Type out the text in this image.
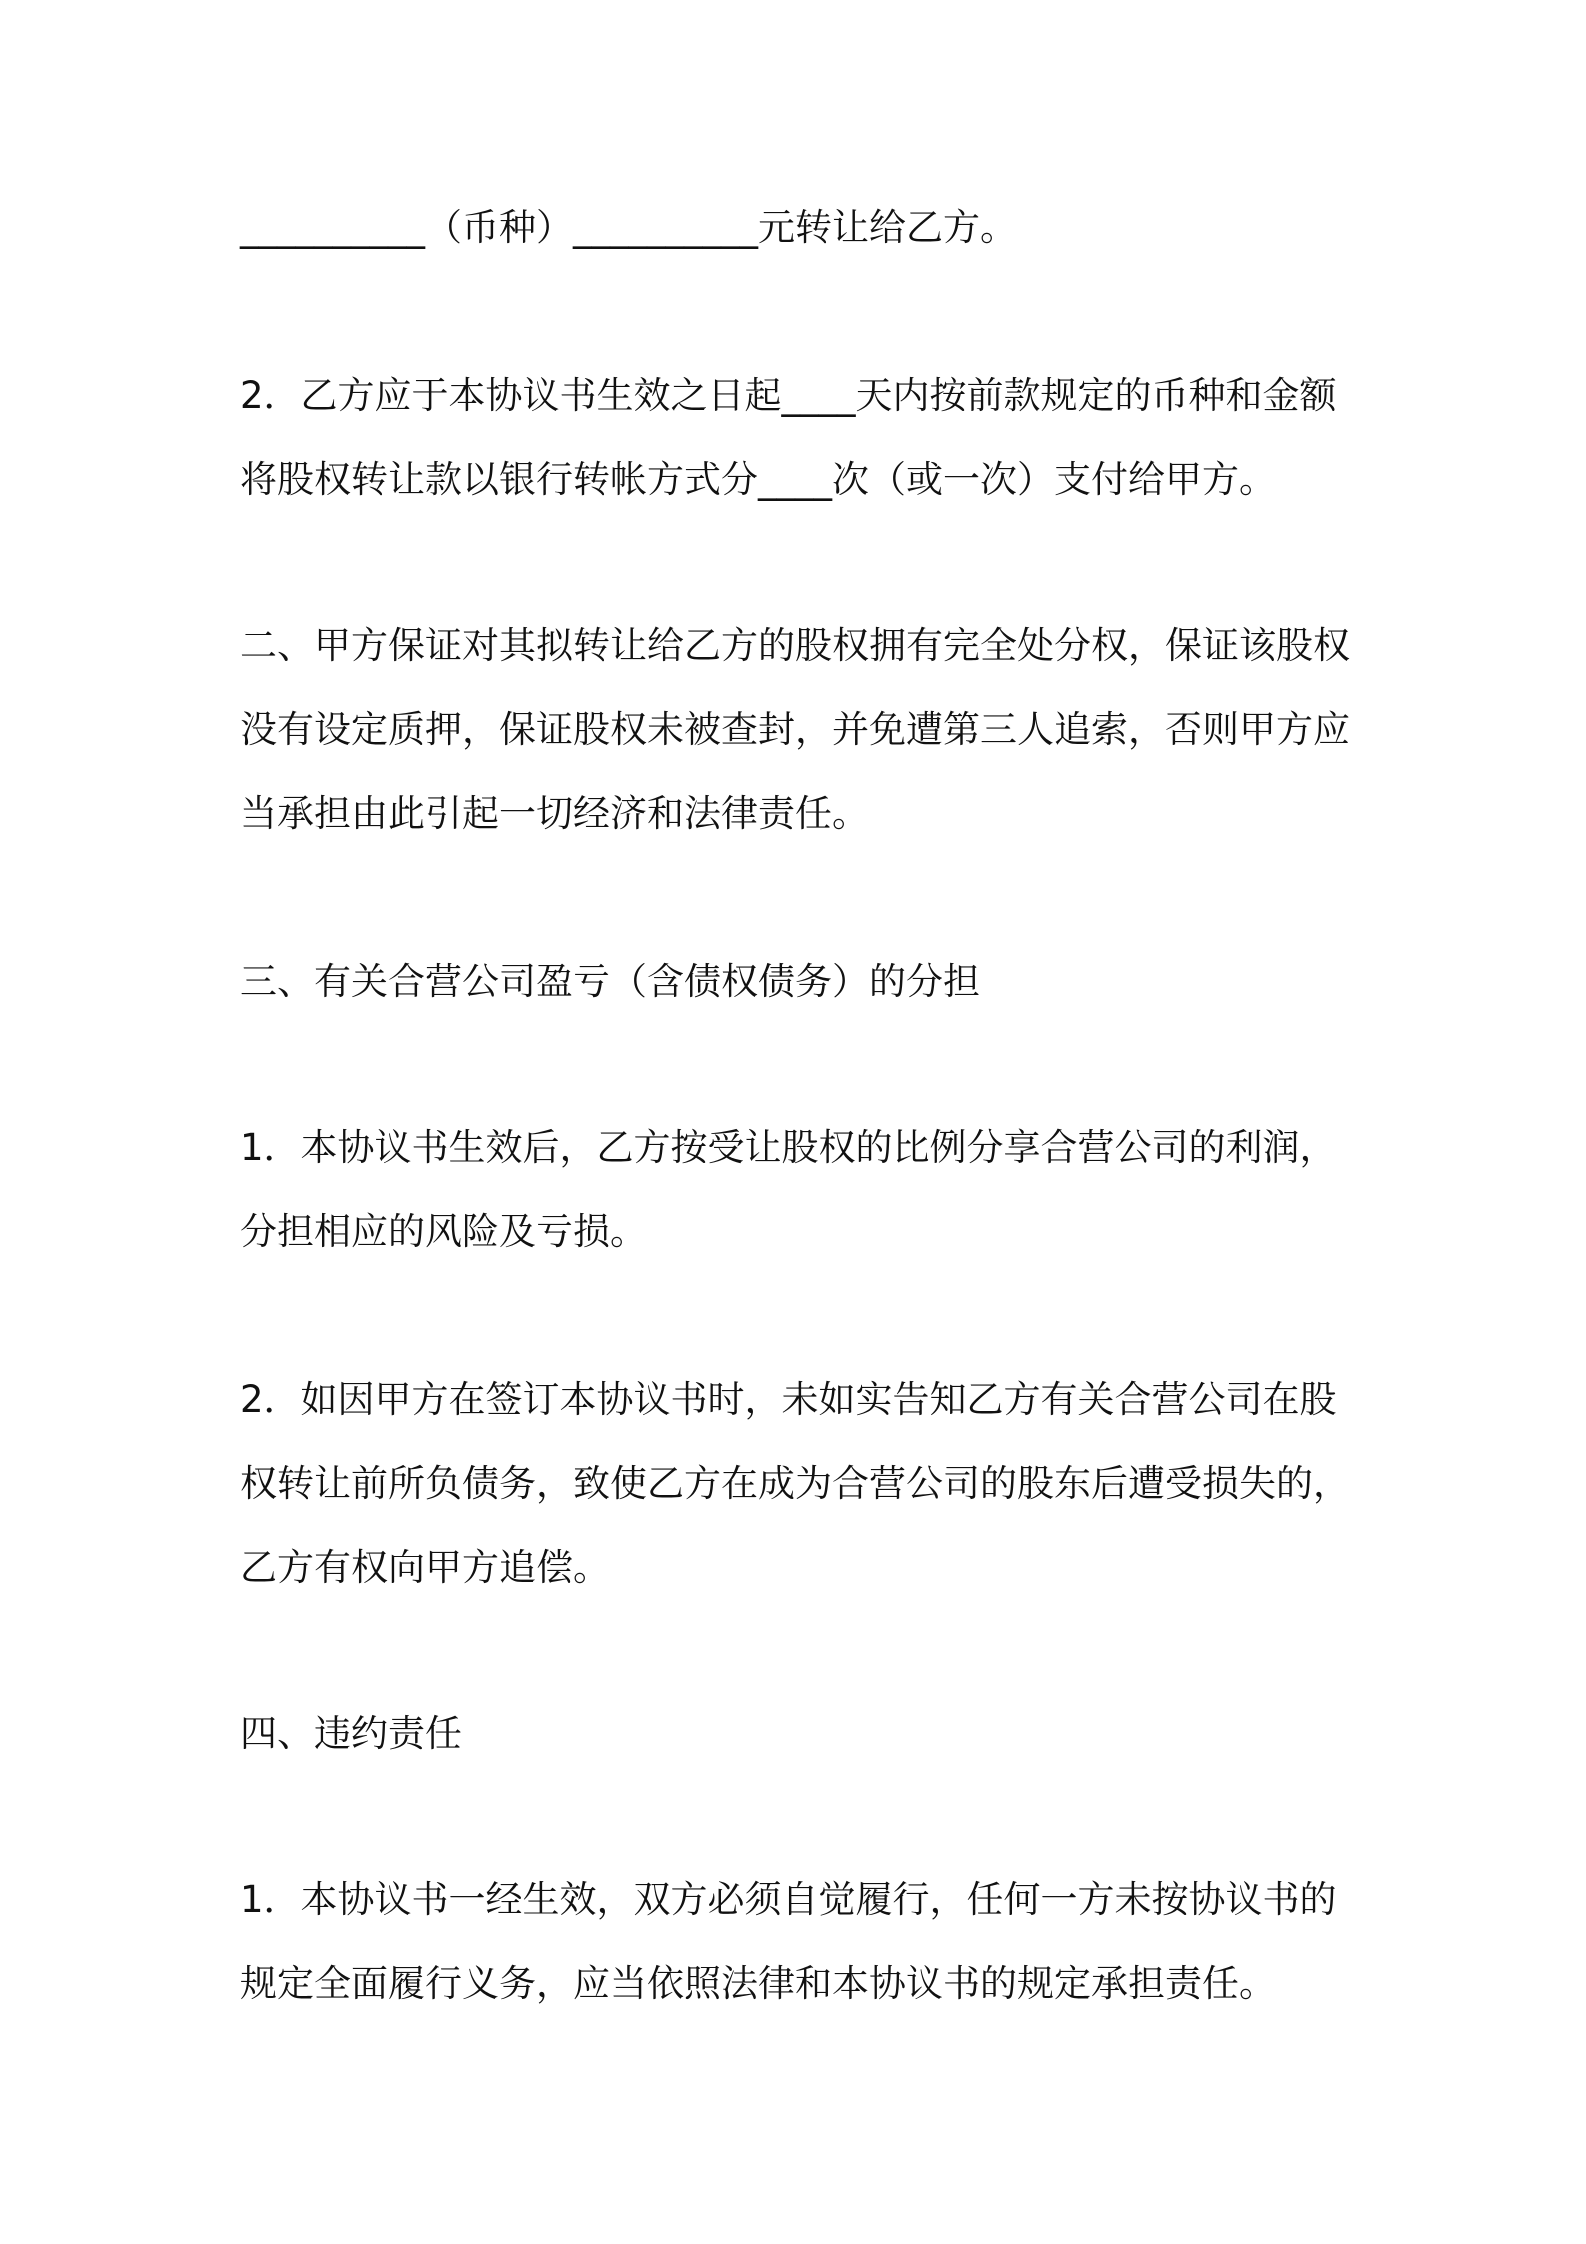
__________（币种）__________元转让给乙方。

2．乙方应于本协议书生效之日起____天内按前款规定的币种和金额
将股权转让款以银行转帐方式分____次（或一次）支付给甲方。

二、甲方保证对其拟转让给乙方的股权拥有完全处分权，保证该股权
没有设定质押，保证股权未被查封，并免遭第三人追索，否则甲方应
当承担由此引起一切经济和法律责任。

三、有关合营公司盈亏（含债权债务）的分担

1．本协议书生效后，乙方按受让股权的比例分享合营公司的利润，
分担相应的风险及亏损。

2．如因甲方在签订本协议书时，未如实告知乙方有关合营公司在股
权转让前所负债务，致使乙方在成为合营公司的股东后遭受损失的，
乙方有权向甲方追偿。

四、违约责任

1．本协议书一经生效，双方必须自觉履行，任何一方未按协议书的
规定全面履行义务，应当依照法律和本协议书的规定承担责任。
